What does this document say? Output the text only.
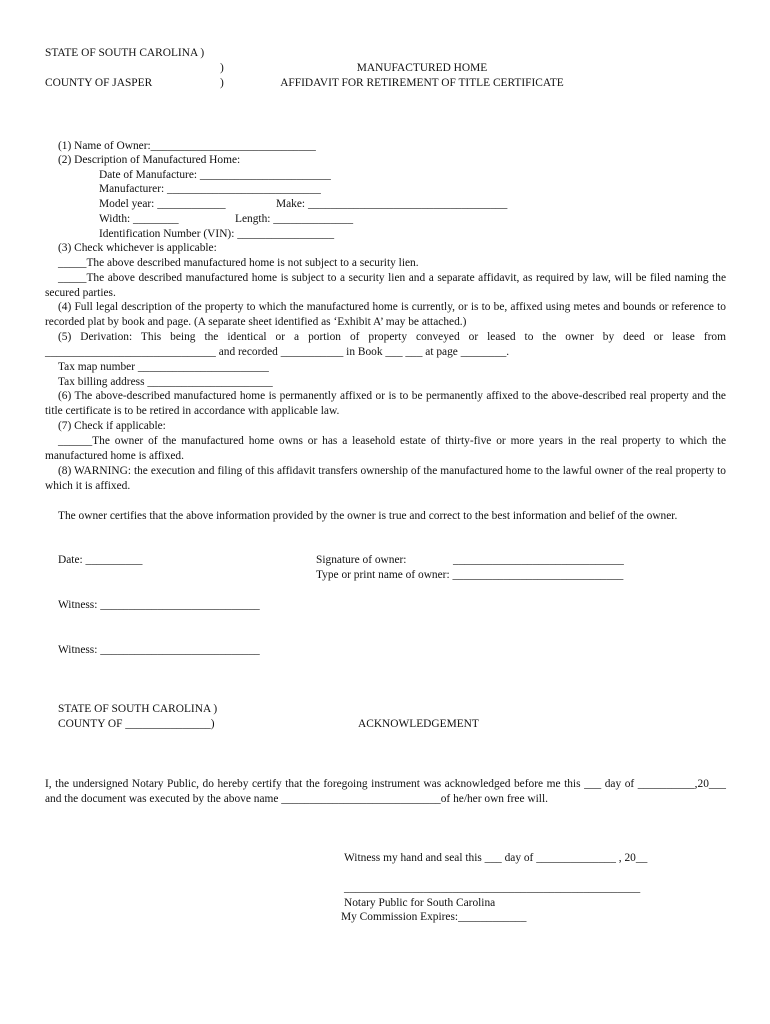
STATE OF SOUTH CAROLINA )
)
COUNTY OF JASPER	)
MANUFACTURED HOME
AFFIDAVIT FOR RETIREMENT OF TITLE CERTIFICATE
(1) Name of Owner:_____________________________
(2) Description of Manufactured Home:
Date of Manufacture: _______________________
Manufacturer: ___________________________
Model year: ____________	Make: ___________________________________
Width: ________	Length: ______________
Identification Number (VIN): _________________
(3) Check whichever is applicable:
_____The above described manufactured home is not subject to a security lien.
_____The above described manufactured home is subject to a security lien and a separate affidavit, as required by law, will be filed naming the secured parties.
(4) Full legal description of the property to which the manufactured home is currently, or is to be, affixed using metes and bounds or reference to recorded plat by book and page. (A separate sheet identified as ‘Exhibit A’ may be attached.)
(5) Derivation: This being the identical or a portion of property conveyed or leased to the owner by deed or lease from ______________________________ and recorded ___________ in Book ___ ___ at page ________.
Tax map number _______________________
Tax billing address ______________________
(6) The above-described manufactured home is permanently affixed or is to be permanently affixed to the above-described real property and the title certificate is to be retired in accordance with applicable law.
(7) Check if applicable:
______The owner of the manufactured home owns or has a leasehold estate of thirty-five or more years in the real property to which the manufactured home is affixed.
(8) WARNING: the execution and filing of this affidavit transfers ownership of the manufactured home to the lawful owner of the real property to which it is affixed.
The owner certifies that the above information provided by the owner is true and correct to the best information and belief of the owner.
Date: __________	Signature of owner:	______________________________
Type or print name of owner: ______________________________
Witness: ____________________________
Witness: ____________________________
STATE OF SOUTH CAROLINA )
COUNTY OF _______________)	ACKNOWLEDGEMENT
I, the undersigned Notary Public, do hereby certify that the foregoing instrument was acknowledged before me this ___ day of __________,20___ and the document was executed by the above name ____________________________of he/her own free will.
Witness my hand and seal this ___ day of ______________ , 20__
____________________________________________________
Notary Public for South Carolina
My Commission Expires:____________
